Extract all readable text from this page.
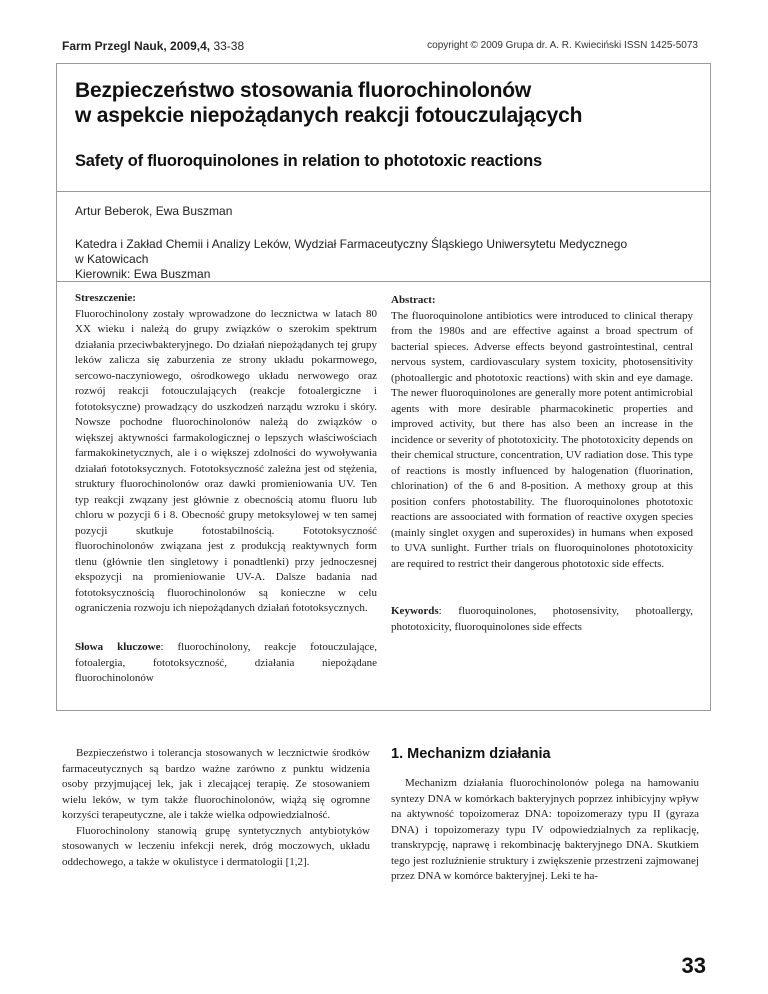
Farm Przegl Nauk, 2009,4, 33-38	copyright © 2009 Grupa dr. A. R. Kwieciński ISSN 1425-5073
Bezpieczeństwo stosowania fluorochinolonów
w aspekcie niepożądanych reakcji fotouczulających
Safety of fluoroquinolones in relation to phototoxic reactions
Artur Beberok, Ewa Buszman
Katedra i Zakład Chemii i Analizy Leków, Wydział Farmaceutyczny Śląskiego Uniwersytetu Medycznego
w Katowicach
Kierownik: Ewa Buszman
Streszczenie:
Fluorochinolony zostały wprowadzone do lecznictwa w latach 80 XX wieku i należą do grupy związków o szerokim spektrum działania przeciwbakteryjnego. Do działań niepożądanych tej grupy leków zalicza się zaburzenia ze strony układu pokarmowego, sercowo-naczyniowego, ośrodkowego układu nerwowego oraz rozwój reakcji fotouczulających (reakcje fotoalergiczne i fototoksyczne) prowadzący do uszkodzeń narządu wzroku i skóry. Nowsze pochodne fluorochinolonów należą do związków o większej aktywności farmakologicznej o lepszych właściwościach farmakokinetycznych, ale i o większej zdolności do wywoływania działań fototoksycznych. Fototoksyczność zależna jest od stężenia, struktury fluorochinolonów oraz dawki promieniowania UV. Ten typ reakcji zwązany jest głównie z obecnością atomu fluoru lub chloru w pozycji 6 i 8. Obecność grupy metoksylowej w ten samej pozycji skutkuje fotostabilnością. Fototoksyczność fluorochinolonów związana jest z produkcją reaktywnych form tlenu (głównie tlen singletowy i ponadtlenki) przy jednoczesnej ekspozycji na promieniowanie UV-A. Dalsze badania nad fototoksycznością fluorochinolonów są konieczne w celu ograniczenia rozwoju ich niepożądanych działań fototoksycznych.
Słowa kluczowe: fluorochinolony, reakcje fotouczulające, fotoalergia, fototoksyczność, działania niepożądane fluorochinolonów
Abstract:
The fluoroquinolone antibiotics were introduced to clinical therapy from the 1980s and are effective against a broad spectrum of bacterial spieces. Adverse effects beyond gastrointestinal, central nervous system, cardiovasculary system toxicity, photosensitivity (photoallergic and phototoxic reactions) with skin and eye damage. The newer fluoroquinolones are generally more potent antimicrobial agents with more desirable pharmacokinetic properties and improved activity, but there has also been an increase in the incidence or severity of phototoxicity. The phototoxicity depends on their chemical structure, concentration, UV radiation dose. This type of reactions is mostly influenced by halogenation (fluorination, chlorination) of the 6 and 8-position. A methoxy group at this position confers photostability. The fluoroquinolones phototoxic reactions are assoociated with formation of reactive oxygen species (mainly singlet oxygen and superoxides) in humans when exposed to UVA sunlight. Further trials on fluoroquinolones phototoxicity are required to restrict their dangerous phototoxic side effects.
Keywords: fluoroquinolones, photosensivity, photoallergy, phototoxicity, fluoroquinolones side effects

Bezpieczeństwo i tolerancja stosowanych w lecznictwie środków farmaceutycznych są bardzo ważne zarówno z punktu widzenia osoby przyjmującej lek, jak i zlecającej terapię. Ze stosowaniem wielu leków, w tym także fluorochinolonów, wiążą się ogromne korzyści terapeutyczne, ale i także wielka odpowiedzialność.

Fluorochinolony stanowią grupę syntetycznych antybiotyków stosowanych w leczeniu infekcji nerek, dróg moczowych, układu oddechowego, a także w okulistyce i dermatologii [1,2].

1. Mechanizm działania

Mechanizm działania fluorochinolonów polega na hamowaniu syntezy DNA w komórkach bakteryjnych poprzez inhibicyjny wpływ na aktywność topoizomeraz DNA: topoizomerazy typu II (gyraza DNA) i topoizomerazy typu IV odpowiedzialnych za replikację, transkrypcję, naprawę i rekombinację bakteryjnego DNA. Skutkiem tego jest rozluźnienie struktury i zwiększenie przestrzeni zajmowanej przez DNA w komórce bakteryjnej. Leki te ha-

33
